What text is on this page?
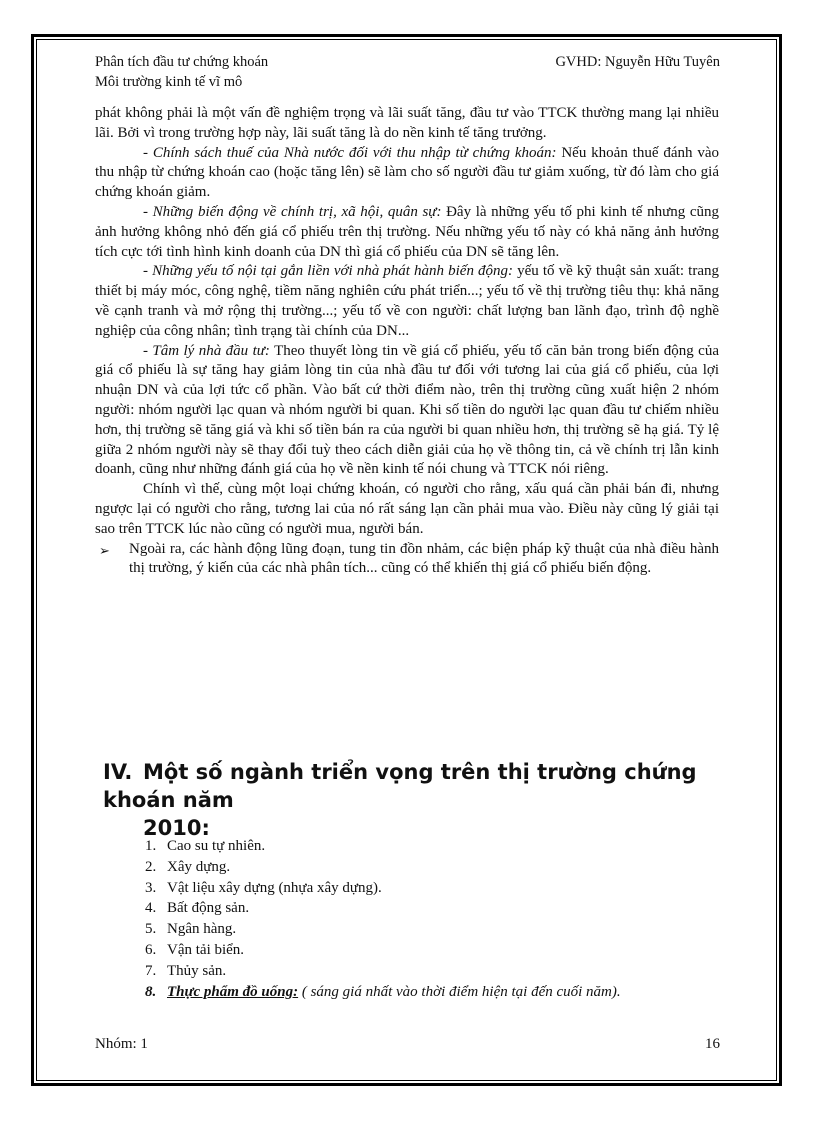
Phân tích đầu tư chứng khoán	GVHD: Nguyễn Hữu Tuyên
Môi trường kinh tế vĩ mô

phát không phải là một vấn đề nghiệm trọng và lãi suất tăng, đầu tư vào TTCK thường mang lại nhiều lãi. Bởi vì trong trường hợp này, lãi suất tăng là do nền kinh tế tăng trưởng.

- Chính sách thuế của Nhà nước đối với thu nhập từ chứng khoán: Nếu khoản thuế đánh vào thu nhập từ chứng khoán cao (hoặc tăng lên) sẽ làm cho số người đầu tư giảm xuống, từ đó làm cho giá chứng khoán giảm.

- Những biến động về chính trị, xã hội, quân sự: Đây là những yếu tố phi kinh tế nhưng cũng ảnh hưởng không nhỏ đến giá cổ phiếu trên thị trường. Nếu những yếu tố này có khả năng ảnh hưởng tích cực tới tình hình kinh doanh của DN thì giá cổ phiếu của DN sẽ tăng lên.

- Những yếu tố nội tại gắn liền với nhà phát hành biến động: yếu tố về kỹ thuật sản xuất: trang thiết bị máy móc, công nghệ, tiềm năng nghiên cứu phát triển...; yếu tố về thị trường tiêu thụ: khả năng về cạnh tranh và mở rộng thị trường...; yếu tố về con người: chất lượng ban lãnh đạo, trình độ nghề nghiệp của công nhân; tình trạng tài chính của DN...

- Tâm lý nhà đầu tư: Theo thuyết lòng tin về giá cổ phiếu, yếu tố căn bản trong biến động của giá cổ phiếu là sự tăng hay giảm lòng tin của nhà đầu tư đối với tương lai của giá cổ phiếu, của lợi nhuận DN và của lợi tức cổ phần. Vào bất cứ thời điểm nào, trên thị trường cũng xuất hiện 2 nhóm người: nhóm người lạc quan và nhóm người bi quan. Khi số tiền do người lạc quan đầu tư chiếm nhiều hơn, thị trường sẽ tăng giá và khi số tiền bán ra của người bi quan nhiều hơn, thị trường sẽ hạ giá. Tỷ lệ giữa 2 nhóm người này sẽ thay đổi tuỳ theo cách diễn giải của họ về thông tin, cả về chính trị lẫn kinh doanh, cũng như những đánh giá của họ về nền kinh tế nói chung và TTCK nói riêng.

Chính vì thế, cùng một loại chứng khoán, có người cho rằng, xấu quá cần phải bán đi, nhưng ngược lại có người cho rằng, tương lai của nó rất sáng lạn cần phải mua vào. Điều này cũng lý giải tại sao trên TTCK lúc nào cũng có người mua, người bán.

➢	Ngoài ra, các hành động lũng đoạn, tung tin đồn nhảm, các biện pháp kỹ thuật của nhà điều hành thị trường, ý kiến của các nhà phân tích... cũng có thể khiến thị giá cổ phiếu biến động.
IV. Một số ngành triển vọng trên thị trường chứng khoán năm
2010:
1. Cao su tự nhiên.
2. Xây dựng.
3. Vật liệu xây dựng (nhựa xây dựng).
4. Bất động sản.
5. Ngân hàng.
6. Vận tải biển.
7. Thủy sản.
8. Thực phẩm đồ uống: ( sáng giá nhất vào thời điểm hiện tại đến cuối năm).
Nhóm: 1	16
